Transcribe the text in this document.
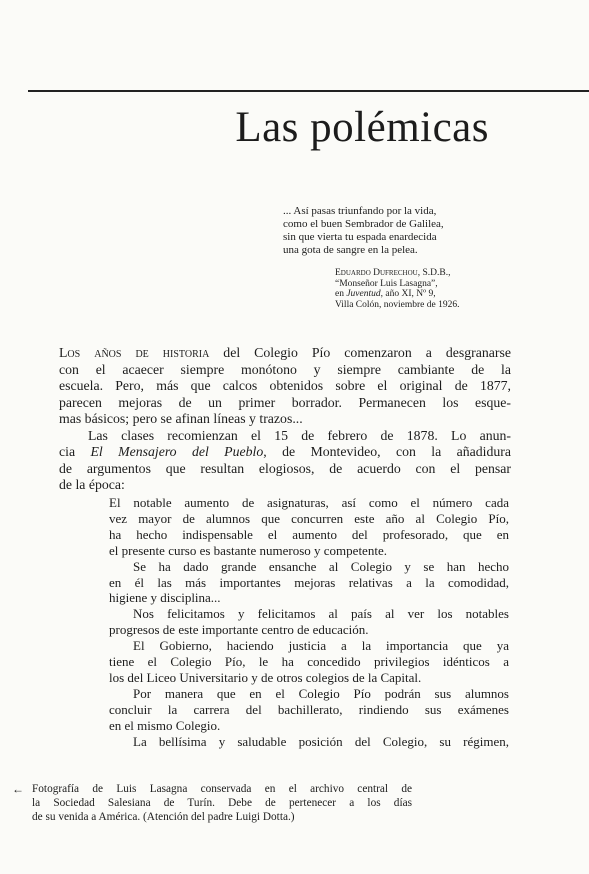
Las polémicas
... Así pasas triunfando por la vida,
como el buen Sembrador de Galilea,
sin que vierta tu espada enardecida
una gota de sangre en la pelea.
Eduardo Dufrechou, S.D.B.,
“Monseñor Luis Lasagna”,
en Juventud, año XI, Nº 9,
Villa Colón, noviembre de 1926.
Los años de historia del Colegio Pío comenzaron a desgranarse
con el acaecer siempre monótono y siempre cambiante de la
escuela. Pero, más que calcos obtenidos sobre el original de 1877,
parecen mejoras de un primer borrador. Permanecen los esque-
mas básicos; pero se afinan líneas y trazos...
Las clases recomienzan el 15 de febrero de 1878. Lo anun-
cia El Mensajero del Pueblo, de Montevideo, con la añadidura
de argumentos que resultan elogiosos, de acuerdo con el pensar
de la época:
El notable aumento de asignaturas, así como el número cada
vez mayor de alumnos que concurren este año al Colegio Pío,
ha hecho indispensable el aumento del profesorado, que en
el presente curso es bastante numeroso y competente.
Se ha dado grande ensanche al Colegio y se han hecho
en él las más importantes mejoras relativas a la comodidad,
higiene y disciplina...
Nos felicitamos y felicitamos al país al ver los notables
progresos de este importante centro de educación.
El Gobierno, haciendo justicia a la importancia que ya
tiene el Colegio Pío, le ha concedido privilegios idénticos a
los del Liceo Universitario y de otros colegios de la Capital.
Por manera que en el Colegio Pío podrán sus alumnos
concluir la carrera del bachillerato, rindiendo sus exámenes
en el mismo Colegio.
La bellísima y saludable posición del Colegio, su régimen,
← Fotografía de Luis Lasagna conservada en el archivo central de
la Sociedad Salesiana de Turín. Debe de pertenecer a los días
de su venida a América. (Atención del padre Luigi Dotta.)
